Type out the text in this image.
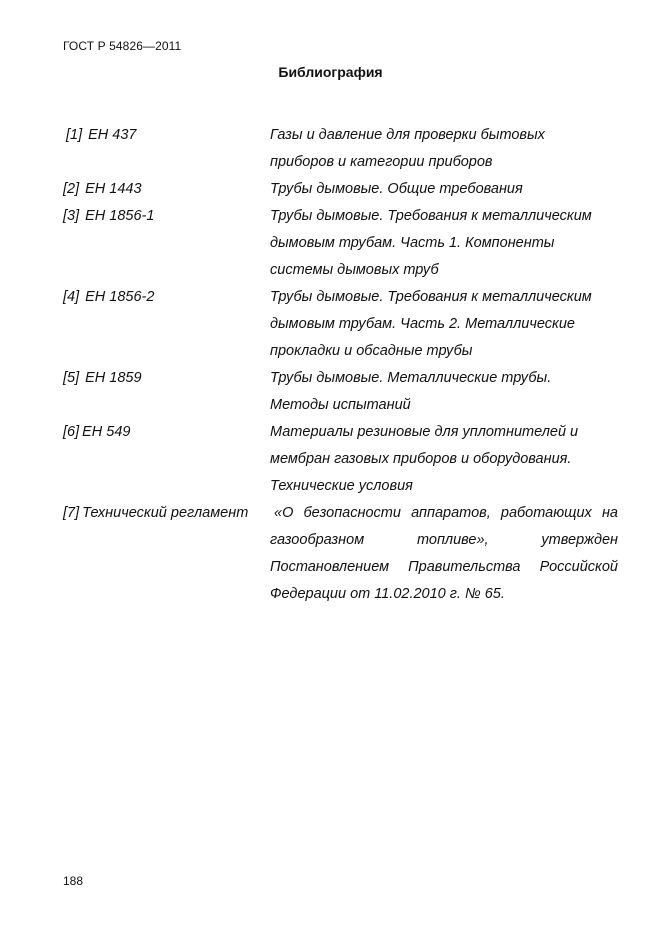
ГОСТ Р 54826—2011
Библиография
[1] ЕН 437	Газы и давление для проверки бытовых
приборов и категории приборов
[2] ЕН 1443	Трубы дымовые. Общие требования
[3] ЕН 1856-1	Трубы дымовые. Требования к металлическим
дымовым трубам. Часть 1. Компоненты
системы дымовых труб
[4] ЕН 1856-2	Трубы дымовые. Требования к металлическим
дымовым трубам. Часть 2. Металлические
прокладки и обсадные трубы
[5] ЕН 1859	Трубы дымовые. Металлические трубы.
Методы испытаний
[6] ЕН 549	Материалы резиновые для уплотнителей и
мембран газовых приборов и оборудования.
Технические условия
[7] Технический регламент	«О безопасности аппаратов, работающих на
газообразном топливе», утвержден
Постановлением Правительства Российской
Федерации от 11.02.2010 г. № 65.
188
